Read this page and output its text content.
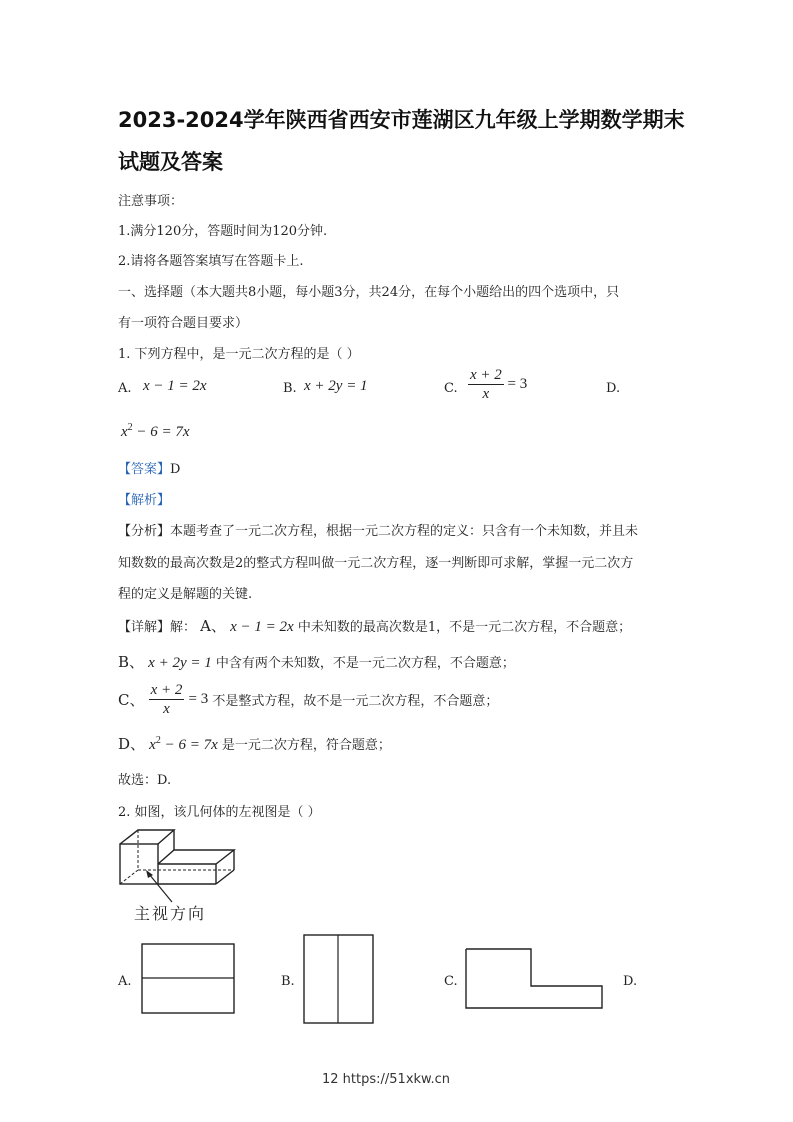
2023-2024学年陕西省西安市莲湖区九年级上学期数学期末
试题及答案
注意事项：
1.满分120分，答题时间为120分钟.
2.请将各题答案填写在答题卡上.
一、选择题（本大题共8小题，每小题3分，共24分，在每个小题给出的四个选项中，只
有一项符合题目要求）
1. 下列方程中，是一元二次方程的是（ ）
A. x − 1 = 2x	B. x + 2y = 1	C. $\frac{x + 2}{x} = 3$	D.
$x^2 - 6 = 7x$
【答案】D
【解析】
【分析】本题考查了一元二次方程，根据一元二次方程的定义：只含有一个未知数，并且未
知数数的最高次数是2的整式方程叫做一元二次方程，逐一判断即可求解，掌握一元二次方
程的定义是解题的关键.
【详解】解： A、 x − 1 = 2x 中未知数的最高次数是1，不是一元二次方程，不合题意；
B、 x + 2y = 1 中含有两个未知数，不是一元二次方程，不合题意；
C、 $\frac{x + 2}{x} = 3$ 不是整式方程，故不是一元二次方程，不合题意；
D、 $x^2 - 6 = 7x$ 是一元二次方程，符合题意；
故选：D.
2. 如图，该几何体的左视图是（ ）
主视方向
A.	B.	C.	D.
12 https://51xkw.cn
